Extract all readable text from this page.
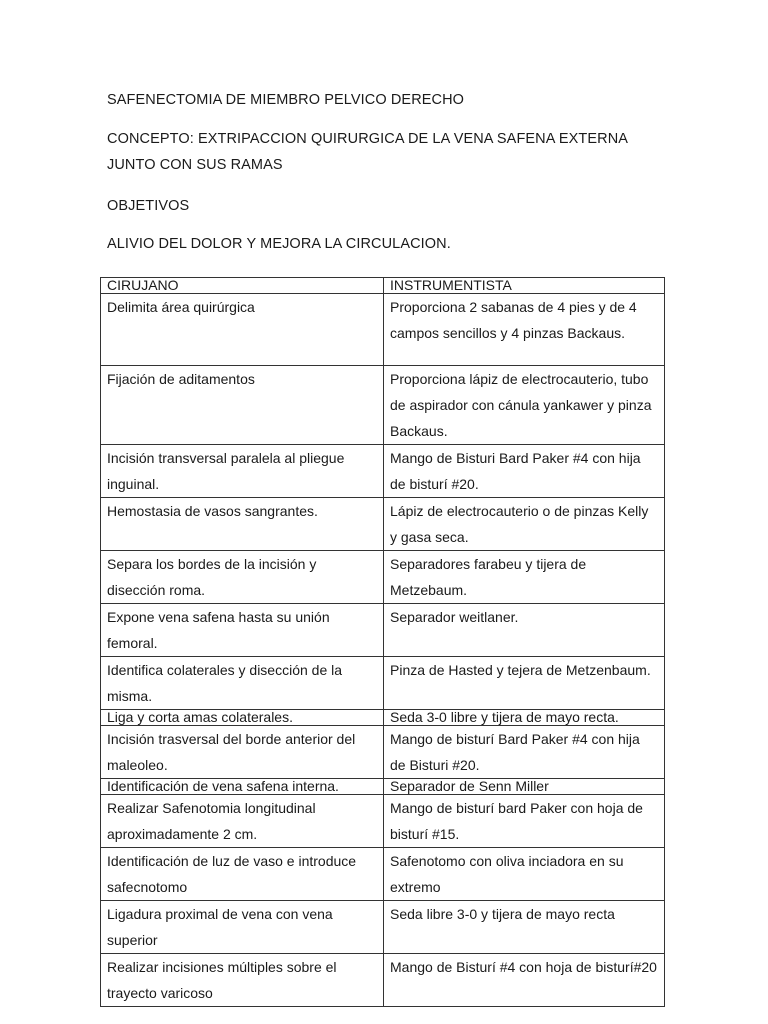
SAFENECTOMIA DE MIEMBRO PELVICO DERECHO
CONCEPTO: EXTRIPACCION QUIRURGICA DE LA VENA SAFENA EXTERNA
JUNTO CON SUS RAMAS
OBJETIVOS
ALIVIO DEL DOLOR Y MEJORA LA CIRCULACION.
CIRUJANO	INSTRUMENTISTA
Delimita área quirúrgica	Proporciona 2 sabanas de 4 pies y de 4 campos sencillos y 4 pinzas Backaus.
Fijación de aditamentos	Proporciona lápiz de electrocauterio, tubo de aspirador con cánula yankawer y pinza Backaus.
Incisión transversal paralela al pliegue inguinal.	Mango de Bisturi Bard Paker #4 con hija de bisturí #20.
Hemostasia de vasos sangrantes.	Lápiz de electrocauterio o de pinzas Kelly y gasa seca.
Separa los bordes de la incisión y disección roma.	Separadores farabeu y tijera de Metzebaum.
Expone vena safena hasta su unión femoral.	Separador weitlaner.
Identifica colaterales y disección de la misma.	Pinza de Hasted y tejera de Metzenbaum.
Liga y corta amas colaterales.	Seda 3-0 libre y tijera de mayo recta.
Incisión trasversal del borde anterior del maleoleo.	Mango de bisturí Bard Paker #4 con hija de Bisturi #20.
Identificación de vena safena interna.	Separador de Senn Miller
Realizar Safenotomia longitudinal aproximadamente 2 cm.	Mango de bisturí bard Paker con hoja de bisturí #15.
Identificación de luz de vaso e introduce safecnotomo	Safenotomo con oliva inciadora en su extremo
Ligadura proximal de vena con vena superior	Seda libre 3-0 y tijera de mayo recta
Realizar incisiones múltiples sobre el trayecto varicoso	Mango de Bisturí #4 con hoja de bisturí#20
